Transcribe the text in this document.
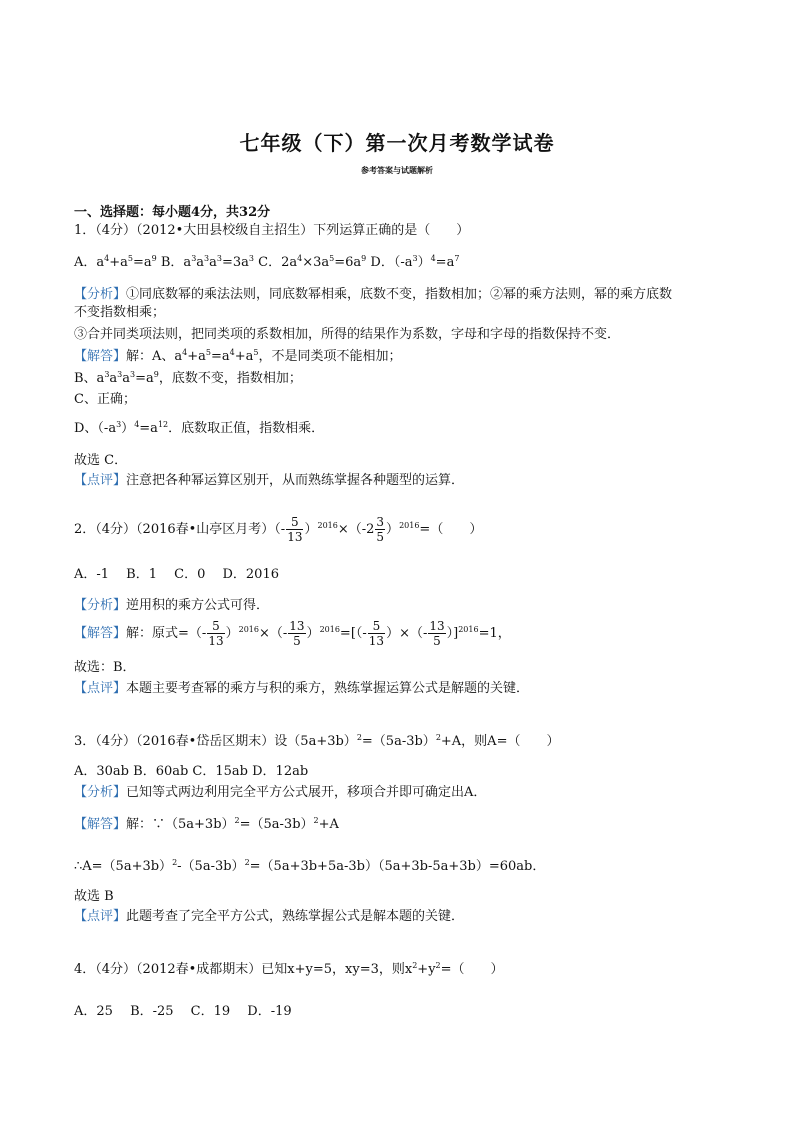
七年级（下）第一次月考数学试卷
参考答案与试题解析
一、选择题：每小题4分，共32分
1．（4分）（2012•大田县校级自主招生）下列运算正确的是（　　）
A．$a^4+a^5=a^9$ B．$a^3a^3a^3=3a^3$ C．$2a^4\times 3a^5=6a^9$ D．$(-a^3)^4=a^7$
【分析】①同底数幂的乘法法则，同底数幂相乘，底数不变，指数相加；②幂的乘方法则，幂的乘方底数
不变指数相乘；
③合并同类项法则，把同类项的系数相加，所得的结果作为系数，字母和字母的指数保持不变．
【解答】解：A、$a^4+a^5=a^4+a^5$，不是同类项不能相加；
B、$a^3a^3a^3=a^9$，底数不变，指数相加；
C、正确；
D、$(-a^3)^4=a^{12}$．底数取正值，指数相乘．
故选 C．
【点评】注意把各种幂运算区别开，从而熟练掌握各种题型的运算．
2．（4分）（2016春•山亭区月考）（- $\frac{5}{13} )^{2016}\times(-2 \frac{3}{5} )^{2016}=$（　　）
A．-1　 B．1　 C．0　 D．2016
【分析】逆用积的乘方公式可得．
【解答】解：原式=（- $\frac{5}{13} )^{2016}\times(- \frac{13}{5} )^{2016}=[(- \frac{5}{13}$ ）×（- $\frac{13}{5} )]^{2016}=1$，
故选：B．
【点评】本题主要考查幂的乘方与积的乘方，熟练掌握运算公式是解题的关键．
3．（4分）（2016春•岱岳区期末）设$(5a+3b)^2=(5a-3b)^2+A$，则A=（　　）
A．30ab B．60ab C．15ab D．12ab
【分析】已知等式两边利用完全平方公式展开，移项合并即可确定出A．
【解答】解：$\because(5a+3b)^2=(5a-3b)^2+A$
$\therefore A=(5a+3b)^2-(5a-3b)^2=(5a+3b+5a-3b)(5a+3b-5a+3b)=60ab$．
故选 B
【点评】此题考查了完全平方公式，熟练掌握公式是解本题的关键．
4．（4分）（2012春•成都期末）已知x+y=5，xy=3，则$x^2+y^2=$（　　）
A．25　 B．-25　 C．19　 D．-19
